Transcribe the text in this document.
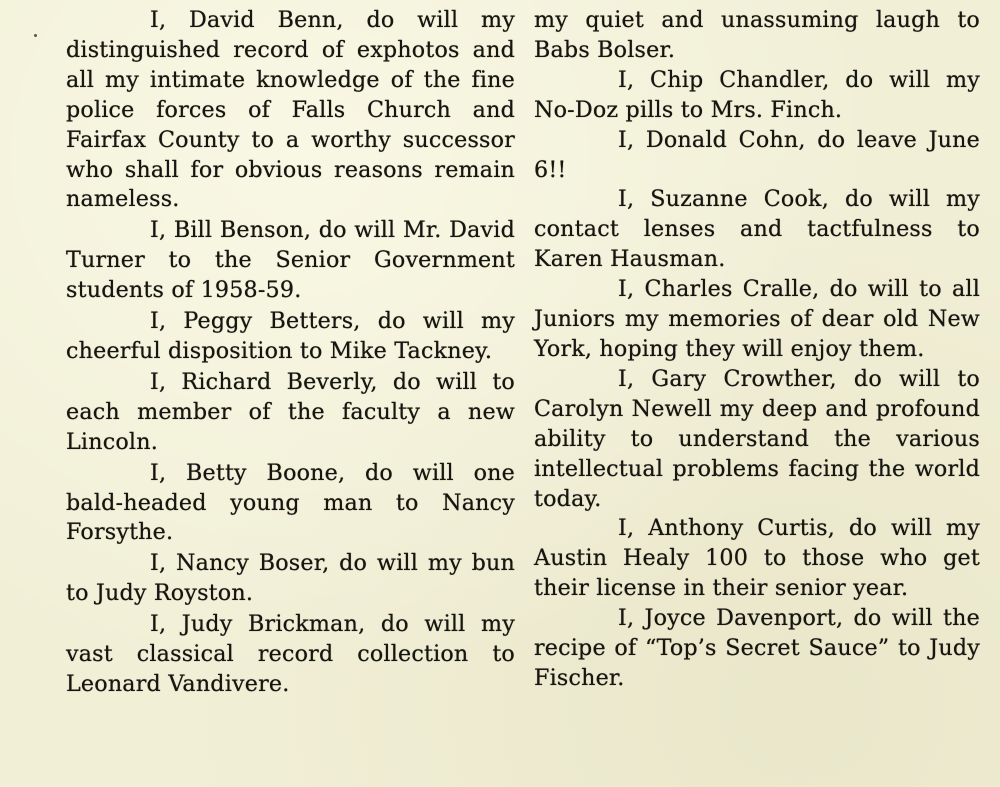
I, David Benn, do will my distinguished record of exphotos and all my intimate knowledge of the fine police forces of Falls Church and Fairfax County to a worthy successor who shall for obvious reasons remain nameless.

I, Bill Benson, do will Mr. David Turner to the Senior Government students of 1958-59.

I, Peggy Betters, do will my cheerful disposition to Mike Tackney.

I, Richard Beverly, do will to each member of the faculty a new Lincoln.

I, Betty Boone, do will one bald-headed young man to Nancy Forsythe.

I, Nancy Boser, do will my bun to Judy Royston.

I, Judy Brickman, do will my vast classical record collection to Leonard Vandivere.

my quiet and unassuming laugh to Babs Bolser.

I, Chip Chandler, do will my No-Doz pills to Mrs. Finch.

I, Donald Cohn, do leave June 6!!

I, Suzanne Cook, do will my contact lenses and tactfulness to Karen Hausman.

I, Charles Cralle, do will to all Juniors my memories of dear old New York, hoping they will enjoy them.

I, Gary Crowther, do will to Carolyn Newell my deep and profound ability to understand the various intellectual problems facing the world today.

I, Anthony Curtis, do will my Austin Healy 100 to those who get their license in their senior year.

I, Joyce Davenport, do will the recipe of “Top’s Secret Sauce” to Judy Fischer.
